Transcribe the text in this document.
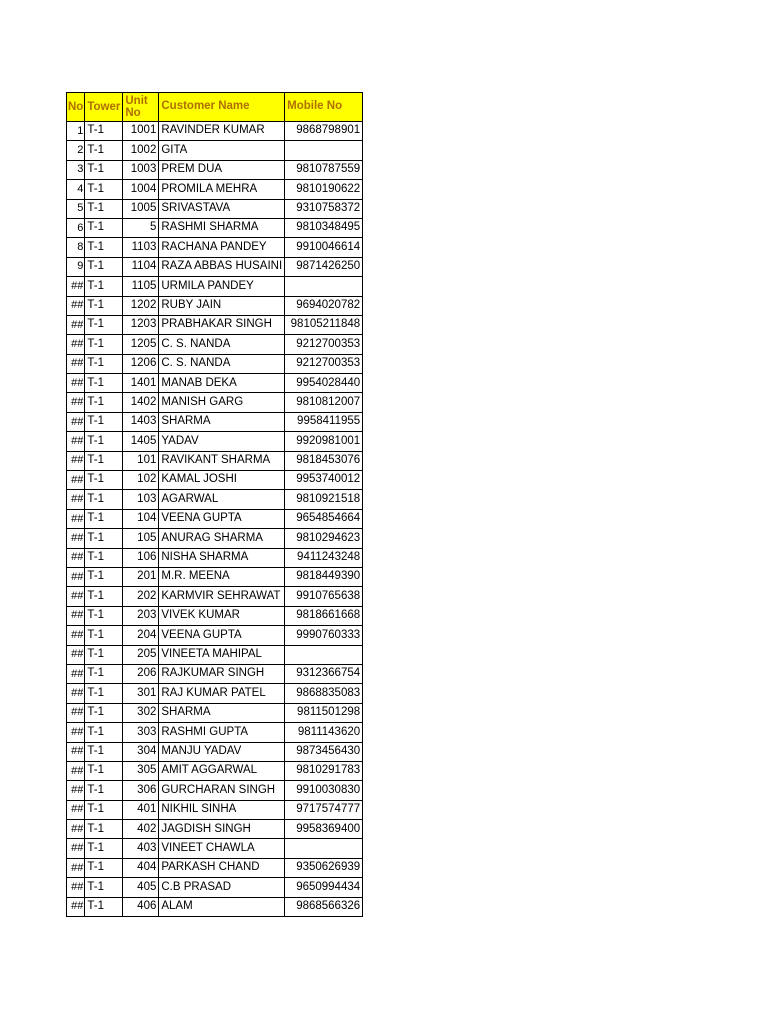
No	Tower	Unit No	Customer Name	Mobile No
1	T-1	1001	RAVINDER KUMAR	9868798901
2	T-1	1002	GITA	
3	T-1	1003	PREM DUA	9810787559
4	T-1	1004	PROMILA MEHRA	9810190622
5	T-1	1005	SRIVASTAVA	9310758372
6	T-1	5	RASHMI SHARMA	9810348495
8	T-1	1103	RACHANA PANDEY	9910046614
9	T-1	1104	RAZA ABBAS HUSAINI	9871426250
##	T-1	1105	URMILA PANDEY	
##	T-1	1202	RUBY JAIN	9694020782
##	T-1	1203	PRABHAKAR SINGH	98105211848
##	T-1	1205	C. S. NANDA	9212700353
##	T-1	1206	C. S. NANDA	9212700353
##	T-1	1401	MANAB DEKA	9954028440
##	T-1	1402	MANISH GARG	9810812007
##	T-1	1403	SHARMA	9958411955
##	T-1	1405	YADAV	9920981001
##	T-1	101	RAVIKANT SHARMA	9818453076
##	T-1	102	KAMAL JOSHI	9953740012
##	T-1	103	AGARWAL	9810921518
##	T-1	104	VEENA GUPTA	9654854664
##	T-1	105	ANURAG SHARMA	9810294623
##	T-1	106	NISHA SHARMA	9411243248
##	T-1	201	M.R. MEENA	9818449390
##	T-1	202	KARMVIR SEHRAWAT	9910765638
##	T-1	203	VIVEK KUMAR	9818661668
##	T-1	204	VEENA GUPTA	9990760333
##	T-1	205	VINEETA MAHIPAL	
##	T-1	206	RAJKUMAR SINGH	9312366754
##	T-1	301	RAJ KUMAR PATEL	9868835083
##	T-1	302	SHARMA	9811501298
##	T-1	303	RASHMI GUPTA	9811143620
##	T-1	304	MANJU YADAV	9873456430
##	T-1	305	AMIT AGGARWAL	9810291783
##	T-1	306	GURCHARAN SINGH	9910030830
##	T-1	401	NIKHIL SINHA	9717574777
##	T-1	402	JAGDISH SINGH	9958369400
##	T-1	403	VINEET CHAWLA	
##	T-1	404	PARKASH CHAND	9350626939
##	T-1	405	C.B PRASAD	9650994434
##	T-1	406	ALAM	9868566326
